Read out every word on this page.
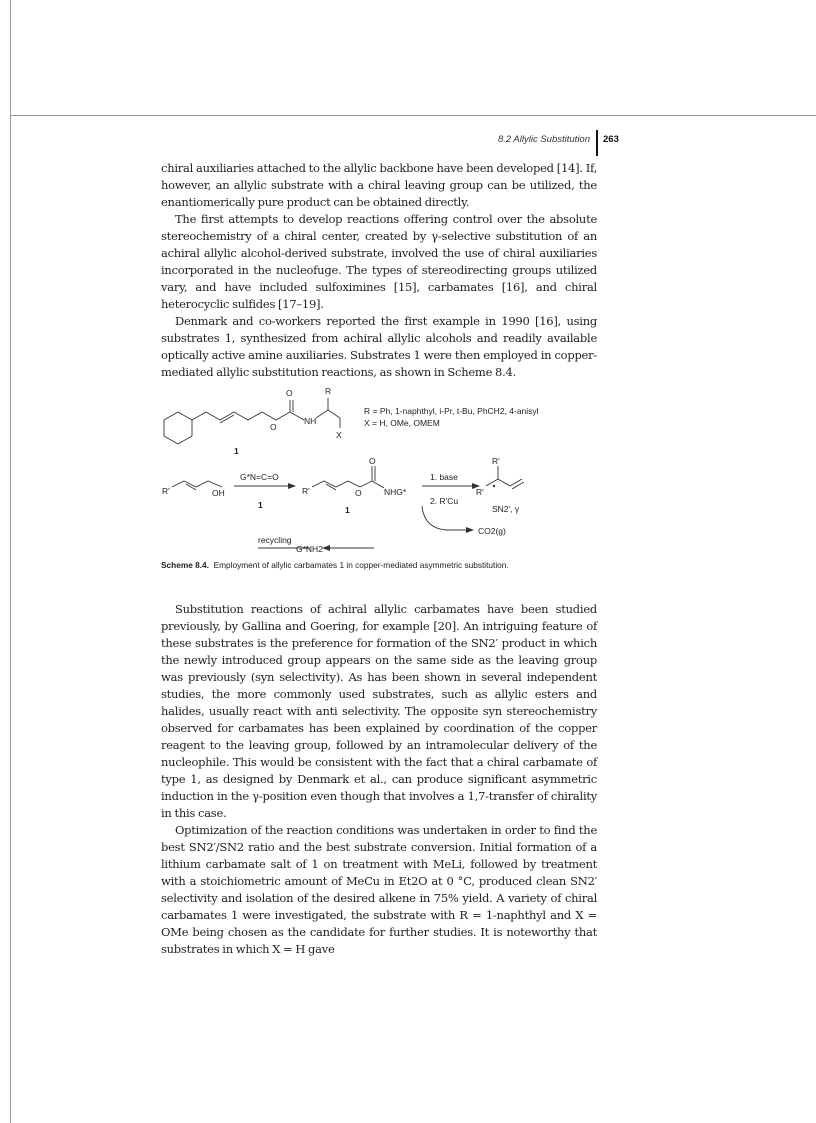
8.2 Allylic Substitution 263

chiral auxiliaries attached to the allylic backbone have been developed [14]. If, however, an allylic substrate with a chiral leaving group can be utilized, the enantiomerically pure product can be obtained directly.

The first attempts to develop reactions offering control over the absolute stereochemistry of a chiral center, created by γ-selective substitution of an achiral allylic alcohol-derived substrate, involved the use of chiral auxiliaries incorporated in the nucleofuge. The types of stereodirecting groups utilized vary, and have included sulfoximines [15], carbamates [16], and chiral heterocyclic sulfides [17–19].

Denmark and co-workers reported the first example in 1990 [16], using substrates 1, synthesized from achiral allylic alcohols and readily available optically active amine auxiliaries. Substrates 1 were then employed in copper-mediated allylic substitution reactions, as shown in Scheme 8.4.

O	R
O
NH
X
1
R = Ph, 1-naphthyl, i-Pr, t-Bu, PhCH2, 4-anisyl
X = H, OMe, OMEM
R'	OH
G*N=C=O
1
R'
O
O	NHG*
1
1. base
2. R'Cu
R'
R'
SN2', γ
CO2(g)
recycling
G*NH2
Scheme 8.4. Employment of allylic carbamates 1 in copper-mediated asymmetric substitution.

Substitution reactions of achiral allylic carbamates have been studied previously, by Gallina and Goering, for example [20]. An intriguing feature of these substrates is the preference for formation of the SN2′ product in which the newly introduced group appears on the same side as the leaving group was previously (syn selectivity). As has been shown in several independent studies, the more commonly used substrates, such as allylic esters and halides, usually react with anti selectivity. The opposite syn stereochemistry observed for carbamates has been explained by coordination of the copper reagent to the leaving group, followed by an intramolecular delivery of the nucleophile. This would be consistent with the fact that a chiral carbamate of type 1, as designed by Denmark et al., can produce significant asymmetric induction in the γ-position even though that involves a 1,7-transfer of chirality in this case.

Optimization of the reaction conditions was undertaken in order to find the best SN2′/SN2 ratio and the best substrate conversion. Initial formation of a lithium carbamate salt of 1 on treatment with MeLi, followed by treatment with a stoichiometric amount of MeCu in Et2O at 0 °C, produced clean SN2′ selectivity and isolation of the desired alkene in 75% yield. A variety of chiral carbamates 1 were investigated, the substrate with R = 1-naphthyl and X = OMe being chosen as the candidate for further studies. It is noteworthy that substrates in which X = H gave
